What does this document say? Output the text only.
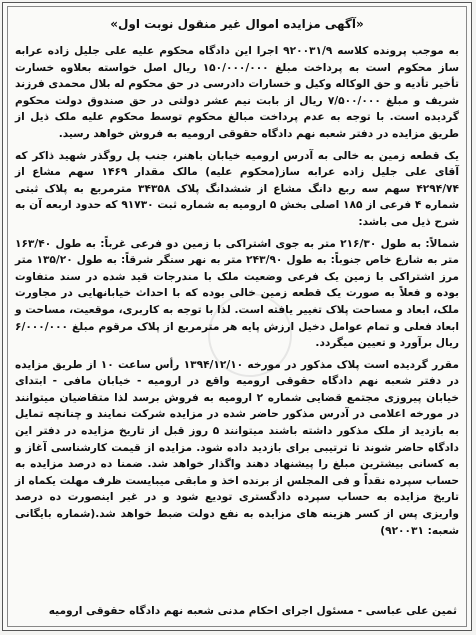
«آگهی مزایده اموال غیر منقول نوبت اول»

به موجب پرونده کلاسه ۹۲۰۰۳۱/۹ اجرا این دادگاه محکوم علیه علی جلیل زاده عرابه ساز محکوم است به پرداخت مبلغ ۱۵۰/۰۰۰/۰۰۰ ریال اصل خواسته بعلاوه خسارت تأخیر تأدیه و حق الوکاله وکیل و خسارات دادرسی در حق محکوم له بلال محمدی فرزند شریف و مبلغ ۷/۵۰۰/۰۰۰ ریال از بابت نیم عشر دولتی در حق صندوق دولت محکوم گردیده است. با توجه به عدم پرداخت مبالغ محکوم توسط محکوم علیه ملک ذیل از طریق مزایده در دفتر شعبه نهم دادگاه حقوقی ارومیه به فروش خواهد رسید.

یک قطعه زمین به خالی به آدرس ارومیه خیابان باهنر، جنب پل روگذر شهید ذاکر که آقای علی جلیل زاده عرابه ساز(محکوم علیه) مالک مقدار ۱۴۶۹ سهم مشاع از ۴۲۹۴/۷۴ سهم سه ربع دانگ مشاع از ششدانگ پلاک ۳۴۳۵۸ مترمربع به پلاک ثبتی شماره ۴ فرعی از ۱۸۵ اصلی بخش ۵ ارومیه به شماره ثبت ۹۱۷۳۰ که حدود اربعه آن به شرح ذیل می باشد:

شمالاً: به طول ۲۱۶/۳۰ متر به جوی اشتراکی با زمین دو فرعی غرباً: به طول ۱۶۳/۴۰ متر به شارع خاص جنوباً: به طول ۲۴۳/۹۰ متر به نهر سنگر شرقاً: به طول ۱۳۵/۲۰ متر مرز اشتراکی با زمین یک فرعی وضعیت ملک با مندرجات قید شده در سند متفاوت بوده و فعلاً به صورت یک قطعه زمین خالی بوده که با احداث خیابانهایی در مجاورت ملک، ابعاد و مساحت پلاک تغییر یافته است. لذا با توجه به کاربری، موقعیت، مساحت و ابعاد فعلی و تمام عوامل دخیل ارزش پایه هر مترمربع از پلاک مرقوم مبلغ ۶/۰۰۰/۰۰۰ ریال برآورد و تعیین میگردد.

مقرر گردیده است پلاک مذکور در مورخه ۱۳۹۴/۱۲/۱۰ رأس ساعت ۱۰ از طریق مزایده در دفتر شعبه نهم دادگاه حقوقی ارومیه واقع در ارومیه - خیابان مافی - ابتدای خیابان پیروزی مجتمع قضایی شماره ۲ ارومیه به فروش برسد لذا متقاضیان میتوانند در مورخه اعلامی در آدرس مذکور حاضر شده در مزایده شرکت نمایند و چنانچه تمایل به بازدید از ملک مذکور داشته باشند میتوانند ۵ روز قبل از تاریخ مزایده در دفتر این دادگاه حاضر شوند تا ترتیبی برای بازدید داده شود. مزایده از قیمت کارشناسی آغاز و به کسانی بیشترین مبلغ را پیشنهاد دهند واگذار خواهد شد. ضمنا ده درصد مزایده به حساب سپرده نقداً و فی المجلس از برنده اخذ و مابقی میبایست ظرف مهلت یکماه از تاریخ مزایده به حساب سپرده دادگستری تودیع شود و در غیر اینصورت ده درصد واریزی پس از کسر هزینه های مزایده به نفع دولت ضبط خواهد شد.(شماره بایگانی شعبه: ۹۲۰۰۳۱)

ثمین علی عباسی - مسئول اجرای احکام مدنی شعبه نهم دادگاه حقوقی ارومیه
